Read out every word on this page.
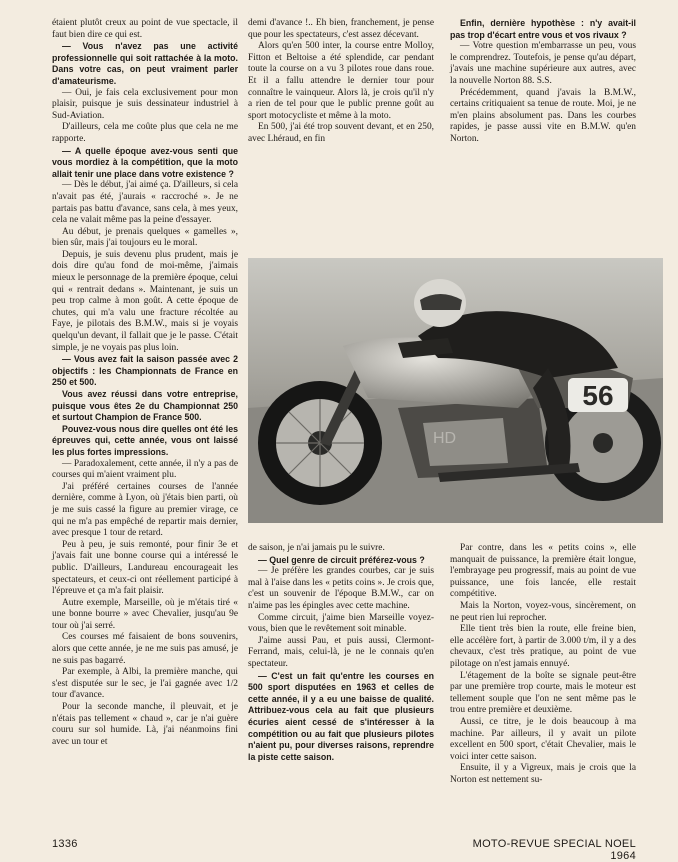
étaient plutôt creux au point de vue spectacle, il faut bien dire ce qui est.

— Vous n'avez pas une activité professionnelle qui soit rattachée à la moto. Dans votre cas, on peut vraiment parler d'amateurisme.

— Oui, je fais cela exclusivement pour mon plaisir, puisque je suis dessinateur industriel à Sud-Aviation.

D'ailleurs, cela me coûte plus que cela ne me rapporte.

— A quelle époque avez-vous senti que vous mordiez à la compétition, que la moto allait tenir une place dans votre existence ?

— Dès le début, j'ai aimé ça. D'ailleurs, si cela n'avait pas été, j'aurais « raccroché ». Je ne partais pas battu d'avance, sans cela, à mes yeux, cela ne valait même pas la peine d'essayer.

Au début, je prenais quelques « gamelles », bien sûr, mais j'ai toujours eu le moral.

Depuis, je suis devenu plus prudent, mais je dois dire qu'au fond de moi-même, j'aimais mieux le personnage de la première époque, celui qui « rentrait dedans ». Maintenant, je suis un peu trop calme à mon goût. A cette époque de chutes, qui m'a valu une fracture récoltée au Faye, je pilotais des B.M.W., mais si je voyais quelqu'un devant, il fallait que je le passe. C'était simple, je ne voyais pas plus loin.

— Vous avez fait la saison passée avec 2 objectifs : les Championnats de France en 250 et 500.

Vous avez réussi dans votre entreprise, puisque vous êtes 2e du Championnat 250 et surtout Champion de France 500.

Pouvez-vous nous dire quelles ont été les épreuves qui, cette année, vous ont laissé les plus fortes impressions.

— Paradoxalement, cette année, il n'y a pas de courses qui m'aient vraiment plu.

J'ai préféré certaines courses de l'année dernière, comme à Lyon, où j'étais bien parti, où je me suis cassé la figure au premier virage, ce qui ne m'a pas empêché de repartir mais dernier, avec presque 1 tour de retard.

Peu à peu, je suis remonté, pour finir 3e et j'avais fait une bonne course qui a intéressé le public. D'ailleurs, Landureau encourageait les spectateurs, et ceux-ci ont réellement participé à l'épreuve et ça m'a fait plaisir.

Autre exemple, Marseille, où je m'étais tiré « une bonne bourre » avec Chevalier, jusqu'au 9e tour où j'ai serré.

Ces courses mé faisaient de bons souvenirs, alors que cette année, je ne me suis pas amusé, je ne suis pas bagarré.

Par exemple, à Albi, la première manche, qui s'est disputée sur le sec, je l'ai gagnée avec 1/2 tour d'avance.

Pour la seconde manche, il pleuvait, et je n'étais pas tellement « chaud », car je n'ai guère couru sur sol humide. Là, j'ai néanmoins fini avec un tour et

demi d'avance !.. Eh bien, franchement, je pense que pour les spectateurs, c'est assez décevant.

Alors qu'en 500 inter, la course entre Molloy, Fitton et Beltoise a été splendide, car pendant toute la course on a vu 3 pilotes roue dans roue. Et il a fallu attendre le dernier tour pour connaître le vainqueur. Alors là, je crois qu'il n'y a rien de tel pour que le public prenne goût au sport motocycliste et même à la moto.

En 500, j'ai été trop souvent devant, et en 250, avec Lhéraud, en fin

Enfin, dernière hypothèse : n'y avait-il pas trop d'écart entre vous et vos rivaux ?

— Votre question m'embarrasse un peu, vous le comprendrez. Toutefois, je pense qu'au départ, j'avais une machine supérieure aux autres, avec la nouvelle Norton 88. S.S.

Précédemment, quand j'avais la B.M.W., certains critiquaient sa tenue de route. Moi, je ne m'en plains absolument pas. Dans les courbes rapides, je passe aussi vite en B.M.W. qu'en Norton.

56
HD

de saison, je n'ai jamais pu le suivre.

— Quel genre de circuit préférez-vous ?

— Je préfère les grandes courbes, car je suis mal à l'aise dans les « petits coins ». Je crois que, c'est un souvenir de l'époque B.M.W., car on n'aime pas les épingles avec cette machine.

Comme circuit, j'aime bien Marseille voyez-vous, bien que le revêtement soit minable.

J'aime aussi Pau, et puis aussi, Clermont-Ferrand, mais, celui-là, je ne le connais qu'en spectateur.

— C'est un fait qu'entre les courses en 500 sport disputées en 1963 et celles de cette année, il y a eu une baisse de qualité. Attribuez-vous cela au fait que plusieurs écuries aient cessé de s'intéresser à la compétition ou au fait que plusieurs pilotes n'aient pu, pour diverses raisons, reprendre la piste cette saison.

Par contre, dans les « petits coins », elle manquait de puissance, la première était longue, l'embrayage peu progressif, mais au point de vue puissance, une fois lancée, elle restait compétitive.

Mais la Norton, voyez-vous, sincèrement, on ne peut rien lui reprocher.

Elle tient très bien la route, elle freine bien, elle accélère fort, à partir de 3.000 t/m, il y a des chevaux, c'est très pratique, au point de vue pilotage on n'est jamais ennuyé.

L'étagement de la boîte se signale peut-être par une première trop courte, mais le moteur est tellement souple que l'on ne sent même pas le trou entre première et deuxième.

Aussi, ce titre, je le dois beaucoup à ma machine. Par ailleurs, il y avait un pilote excellent en 500 sport, c'était Chevalier, mais le voici inter cette saison.

Ensuite, il y a Vigreux, mais je crois que la Norton est nettement su-

1336	MOTO-REVUE SPECIAL NOEL 1964
